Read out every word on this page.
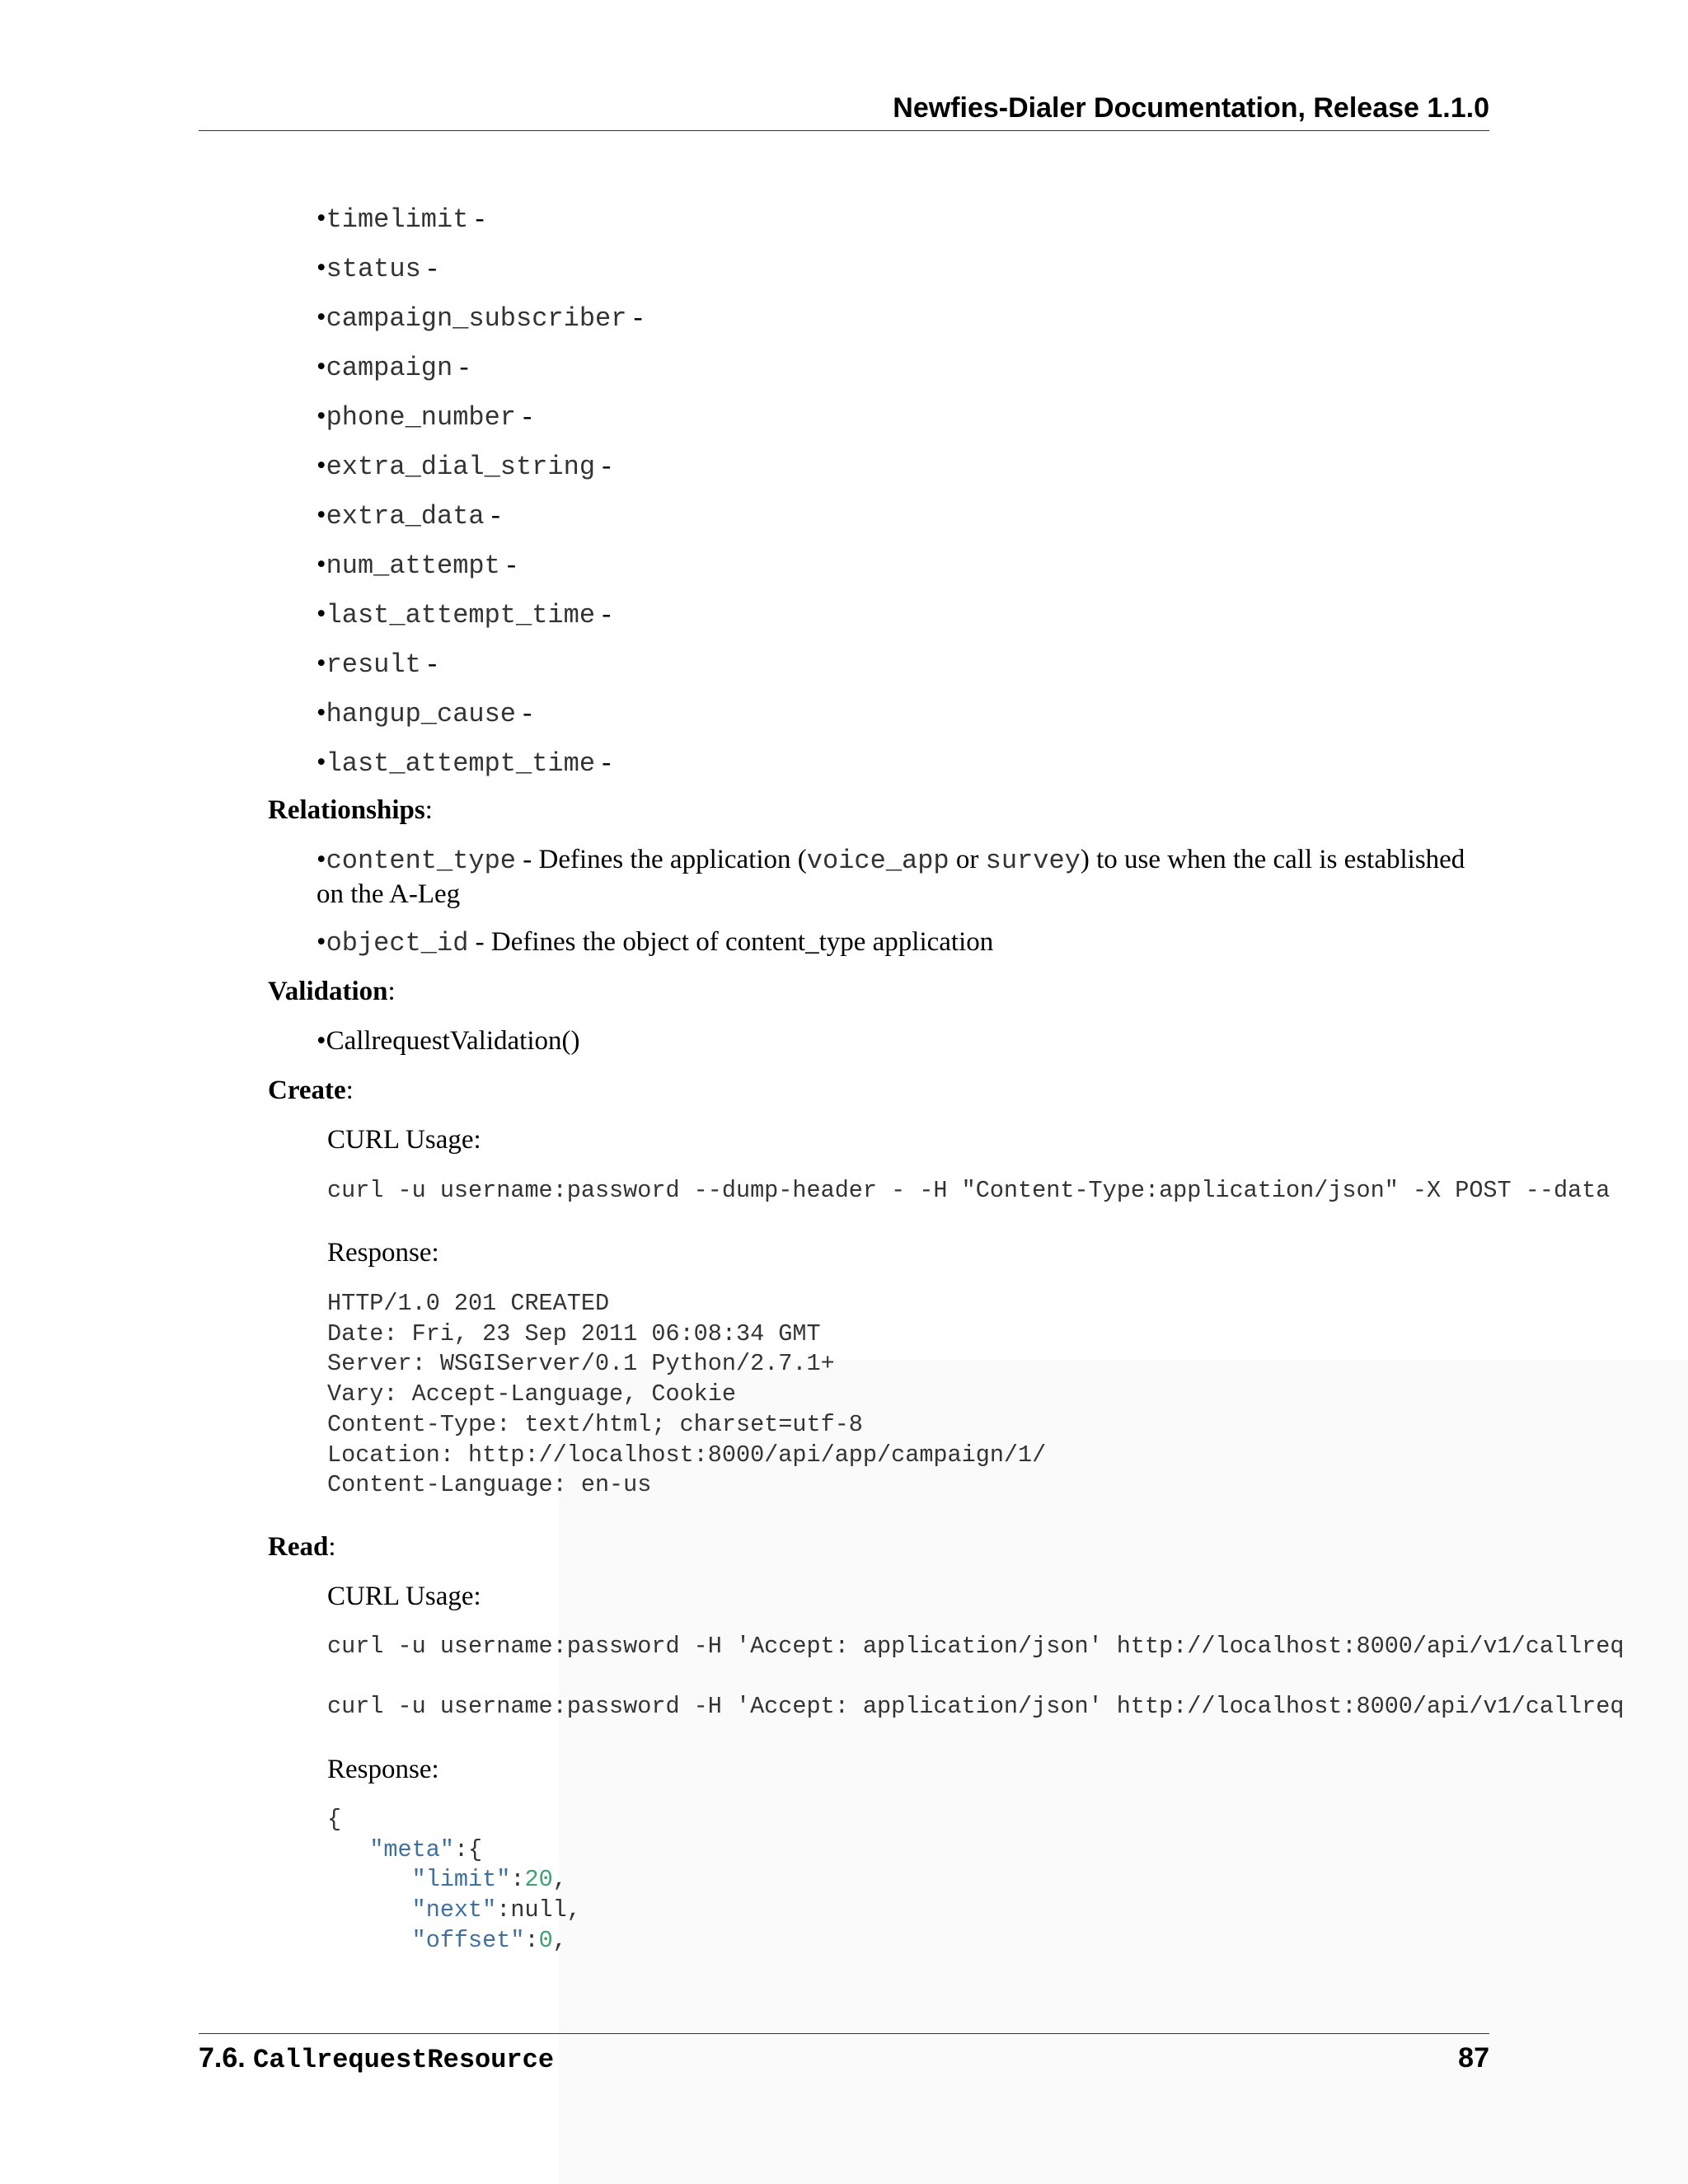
Newfies-Dialer Documentation, Release 1.1.0
•timelimit -
•status -
•campaign_subscriber -
•campaign -
•phone_number -
•extra_dial_string -
•extra_data -
•num_attempt -
•last_attempt_time -
•result -
•hangup_cause -
•last_attempt_time -
Relationships:
•content_type - Defines the application (voice_app or survey) to use when the call is established on the A-Leg
•object_id - Defines the object of content_type application
Validation:
•CallrequestValidation()
Create:
CURL Usage:
curl -u username:password --dump-header - -H "Content-Type:application/json" -X POST --data
Response:
HTTP/1.0 201 CREATED
Date: Fri, 23 Sep 2011 06:08:34 GMT
Server: WSGIServer/0.1 Python/2.7.1+
Vary: Accept-Language, Cookie
Content-Type: text/html; charset=utf-8
Location: http://localhost:8000/api/app/campaign/1/
Content-Language: en-us
Read:
CURL Usage:
curl -u username:password -H 'Accept: application/json' http://localhost:8000/api/v1/callreq
curl -u username:password -H 'Accept: application/json' http://localhost:8000/api/v1/callreq
Response:
{
"meta":{
"limit":20,
"next":null,
"offset":0,
7.6. CallrequestResource	87
